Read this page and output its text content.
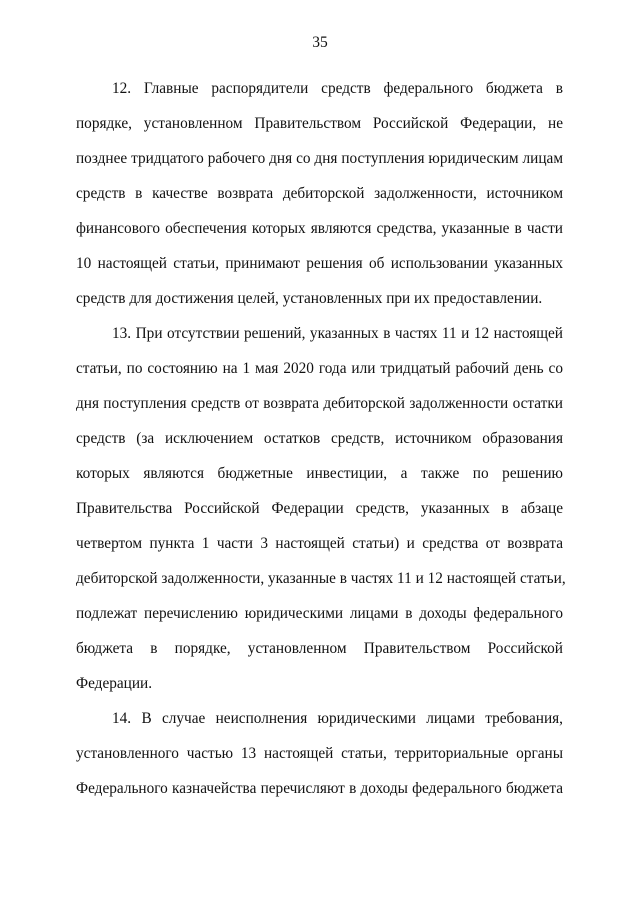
35
12. Главные распорядители средств федерального бюджета в
порядке, установленном Правительством Российской Федерации, не
позднее тридцатого рабочего дня со дня поступления юридическим лицам
средств в качестве возврата дебиторской задолженности, источником
финансового обеспечения которых являются средства, указанные в части
10 настоящей статьи, принимают решения об использовании указанных
средств для достижения целей, установленных при их предоставлении.
13. При отсутствии решений, указанных в частях 11 и 12 настоящей
статьи, по состоянию на 1 мая 2020 года или тридцатый рабочий день со
дня поступления средств от возврата дебиторской задолженности остатки
средств (за исключением остатков средств, источником образования
которых являются бюджетные инвестиции, а также по решению
Правительства Российской Федерации средств, указанных в абзаце
четвертом пункта 1 части 3 настоящей статьи) и средства от возврата
дебиторской задолженности, указанные в частях 11 и 12 настоящей статьи,
подлежат перечислению юридическими лицами в доходы федерального
бюджета в порядке, установленном Правительством Российской
Федерации.
14. В случае неисполнения юридическими лицами требования,
установленного частью 13 настоящей статьи, территориальные органы
Федерального казначейства перечисляют в доходы федерального бюджета
